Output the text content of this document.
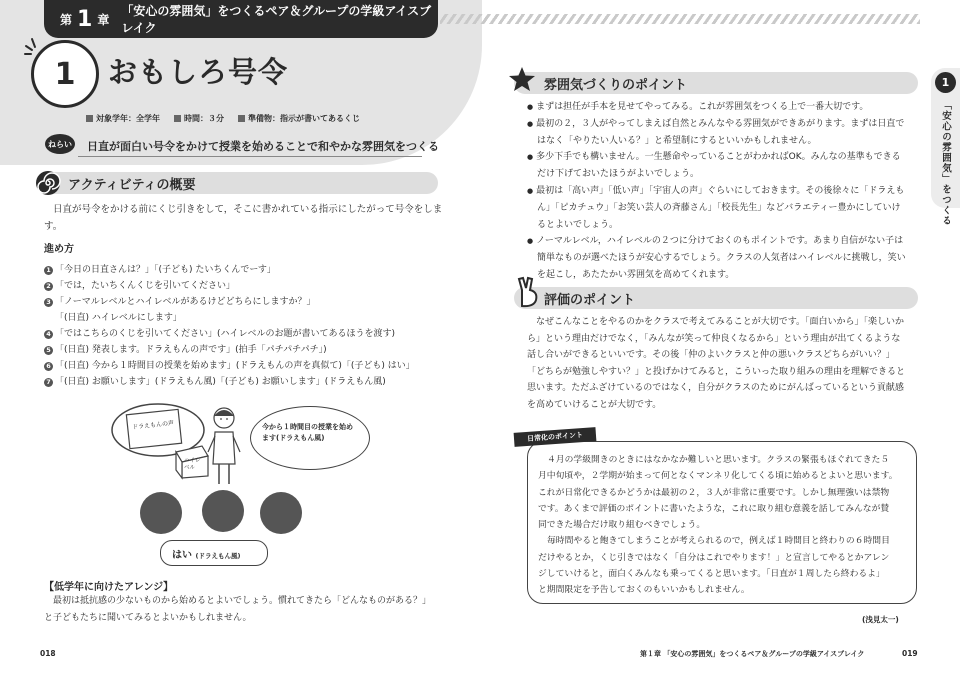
第 1 章
「安心の雰囲気」をつくるペア＆グループの学級アイスブレイク
1	おもしろ号令
対象学年：全学年	時間：３分	準備物：指示が書いてあるくじ
ねらい 日直が面白い号令をかけて授業を始めることで和やかな雰囲気をつくる
アクティビティの概要
日直が号令をかける前にくじ引きをして，そこに書かれている指示にしたがって号令をしま
す。
進め方
1 「今日の日直さんは？」「(子ども) たいちくんでーす」
2 「では，たいちくんくじを引いてください」
3 「ノーマルレベルとハイレベルがあるけどどちらにしますか？」
「(日直) ハイレベルにします」
4 「ではこちらのくじを引いてください」(ハイレベルのお題が書いてあるほうを渡す)
5 「(日直) 発表します。ドラえもんの声です」(拍手「パチパチパチ」)
6 「(日直) 今から１時間目の授業を始めます」(ドラえもんの声を真似て)「(子ども) はい」
7 「(日直) お願いします」(ドラえもん風)「(子ども) お願いします」(ドラえもん風)
ドラえもんの声
ハイレベル
今から１時間目の授業を始めます(ドラえもん風)
はい (ドラえもん風)
【低学年に向けたアレンジ】
最初は抵抗感の少ないものから始めるとよいでしょう。慣れてきたら「どんなものがある？」
と子どもたちに聞いてみるとよいかもしれません。
018
雰囲気づくりのポイント
● まずは担任が手本を見せてやってみる。これが雰囲気をつくる上で一番大切です。
● 最初の２，３人がやってしまえば自然とみんなやる雰囲気ができあがります。まずは日直で
はなく「やりたい人いる？」と希望制にするといいかもしれません。
● 多少下手でも構いません。一生懸命やっていることがわかればOK。みんなの基準もできる
だけ下げておいたほうがよいでしょう。
● 最初は「高い声」「低い声」「宇宙人の声」ぐらいにしておきます。その後徐々に「ドラえも
ん」「ピカチュウ」「お笑い芸人の斉藤さん」「校長先生」などバラエティー豊かにしていけ
るとよいでしょう。
● ノーマルレベル，ハイレベルの２つに分けておくのもポイントです。あまり自信がない子は
簡単なものが選べたほうが安心するでしょう。クラスの人気者はハイレベルに挑戦し，笑い
を起こし，あたたかい雰囲気を高めてくれます。
評価のポイント
なぜこんなことをやるのかをクラスで考えてみることが大切です。「面白いから」「楽しいか
ら」という理由だけでなく，「みんなが笑って仲良くなるから」という理由が出てくるような
話し合いができるといいです。その後「仲のよいクラスと仲の悪いクラスどちらがいい？」
「どちらが勉強しやすい？」と投げかけてみると，こういった取り組みの理由を理解できると
思います。ただふざけているのではなく，自分がクラスのためにがんばっているという貢献感
を高めていけることが大切です。
日常化のポイント
４月の学級開きのときにはなかなか難しいと思います。クラスの緊張もほぐれてきた５
月中旬頃や，２学期が始まって何となくマンネリ化してくる頃に始めるとよいと思います。
これが日常化できるかどうかは最初の２，３人が非常に重要です。しかし無理強いは禁物
です。あくまで評価のポイントに書いたような，これに取り組む意義を話してみんなが賛
同できた場合だけ取り組むべきでしょう。
毎時間やると飽きてしまうことが考えられるので，例えば１時間目と終わりの６時間目
だけやるとか，くじ引きではなく「自分はこれでやります！」と宣言してやるとかアレン
ジしていけると，面白くみんなも乗ってくると思います。「日直が１周したら終わるよ」
と期間限定を予告しておくのもいいかもしれません。
(浅見太一)
1
「安心の雰囲気」をつくる
第１章 「安心の雰囲気」をつくるペア＆グループの学級アイスブレイク	019
